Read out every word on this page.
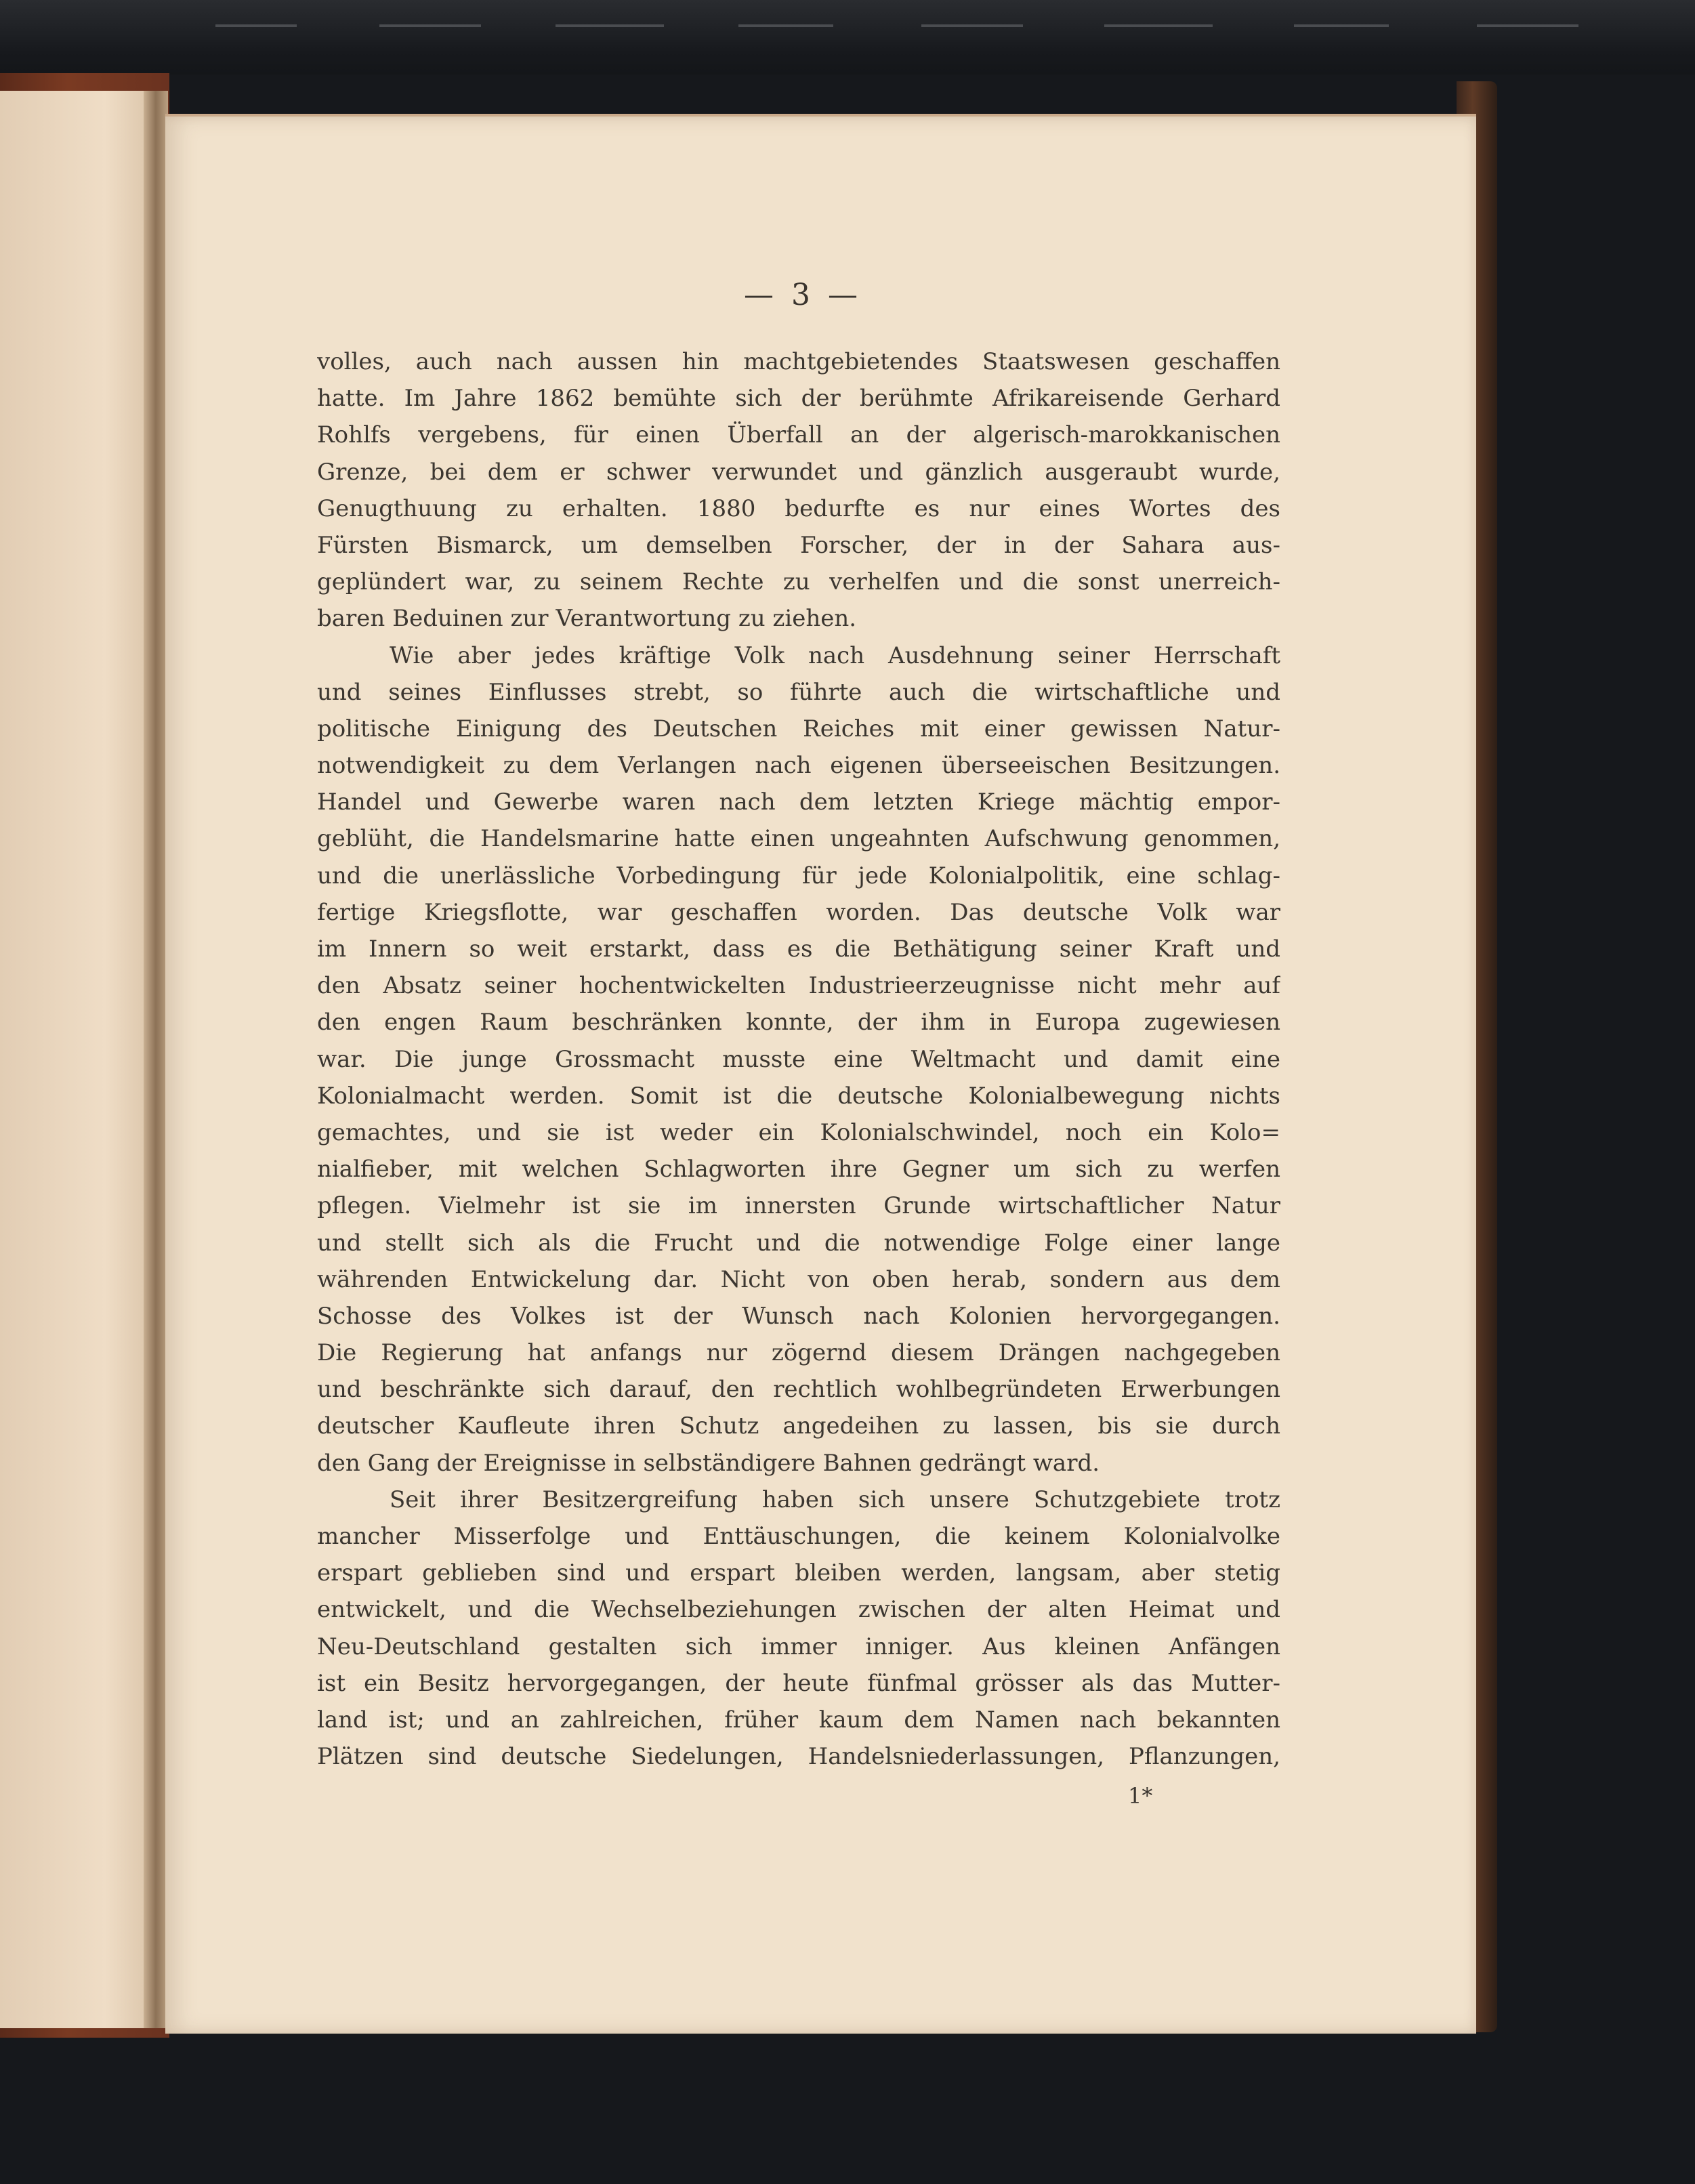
— 3 —
volles, auch nach aussen hin machtgebietendes Staatswesen geschaffen
hatte. Im Jahre 1862 bemühte sich der berühmte Afrikareisende Gerhard
Rohlfs vergebens, für einen Überfall an der algerisch-marokkanischen
Grenze, bei dem er schwer verwundet und gänzlich ausgeraubt wurde,
Genugthuung zu erhalten. 1880 bedurfte es nur eines Wortes des
Fürsten Bismarck, um demselben Forscher, der in der Sahara aus-
geplündert war, zu seinem Rechte zu verhelfen und die sonst unerreich-
baren Beduinen zur Verantwortung zu ziehen.
Wie aber jedes kräftige Volk nach Ausdehnung seiner Herrschaft
und seines Einflusses strebt, so führte auch die wirtschaftliche und
politische Einigung des Deutschen Reiches mit einer gewissen Natur-
notwendigkeit zu dem Verlangen nach eigenen überseeischen Besitzungen.
Handel und Gewerbe waren nach dem letzten Kriege mächtig empor-
geblüht, die Handelsmarine hatte einen ungeahnten Aufschwung genommen,
und die unerlässliche Vorbedingung für jede Kolonialpolitik, eine schlag-
fertige Kriegsflotte, war geschaffen worden. Das deutsche Volk war
im Innern so weit erstarkt, dass es die Bethätigung seiner Kraft und
den Absatz seiner hochentwickelten Industrieerzeugnisse nicht mehr auf
den engen Raum beschränken konnte, der ihm in Europa zugewiesen
war. Die junge Grossmacht musste eine Weltmacht und damit eine
Kolonialmacht werden. Somit ist die deutsche Kolonialbewegung nichts
gemachtes, und sie ist weder ein Kolonialschwindel, noch ein Kolo=
nialfieber, mit welchen Schlagworten ihre Gegner um sich zu werfen
pflegen. Vielmehr ist sie im innersten Grunde wirtschaftlicher Natur
und stellt sich als die Frucht und die notwendige Folge einer lange
währenden Entwickelung dar. Nicht von oben herab, sondern aus dem
Schosse des Volkes ist der Wunsch nach Kolonien hervorgegangen.
Die Regierung hat anfangs nur zögernd diesem Drängen nachgegeben
und beschränkte sich darauf, den rechtlich wohlbegründeten Erwerbungen
deutscher Kaufleute ihren Schutz angedeihen zu lassen, bis sie durch
den Gang der Ereignisse in selbständigere Bahnen gedrängt ward.
Seit ihrer Besitzergreifung haben sich unsere Schutzgebiete trotz
mancher Misserfolge und Enttäuschungen, die keinem Kolonialvolke
erspart geblieben sind und erspart bleiben werden, langsam, aber stetig
entwickelt, und die Wechselbeziehungen zwischen der alten Heimat und
Neu-Deutschland gestalten sich immer inniger. Aus kleinen Anfängen
ist ein Besitz hervorgegangen, der heute fünfmal grösser als das Mutter-
land ist; und an zahlreichen, früher kaum dem Namen nach bekannten
Plätzen sind deutsche Siedelungen, Handelsniederlassungen, Pflanzungen,
1*
